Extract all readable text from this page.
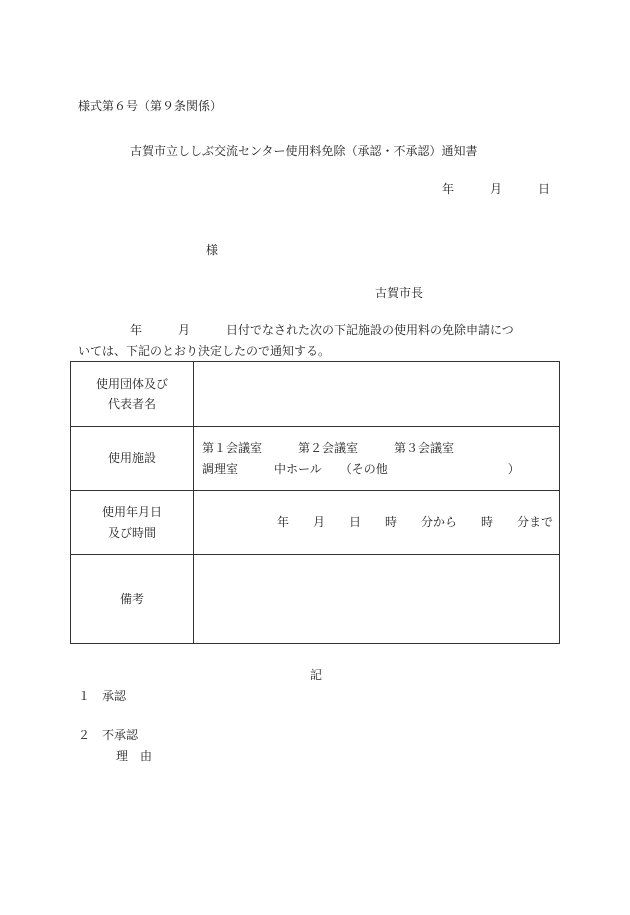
様式第６号（第９条関係）
古賀市立ししぶ交流センター使用料免除（承認・不承認）通知書
年　　　月　　　日
様
古賀市長
年　　　月　　　日付でなされた次の下記施設の使用料の免除申請につ
いては、下記のとおり決定したので通知する。
使用団体及び
代表者名	

使用施設	第１会議室　　　第２会議室　　　第３会議室
調理室　　　中ホール　　（その他　　　　　　　　　　）

使用年月日
及び時間	年　　月　　日　　時　　分から　　時　　分まで

備考	
記
１　承認
２　不承認
理　由
